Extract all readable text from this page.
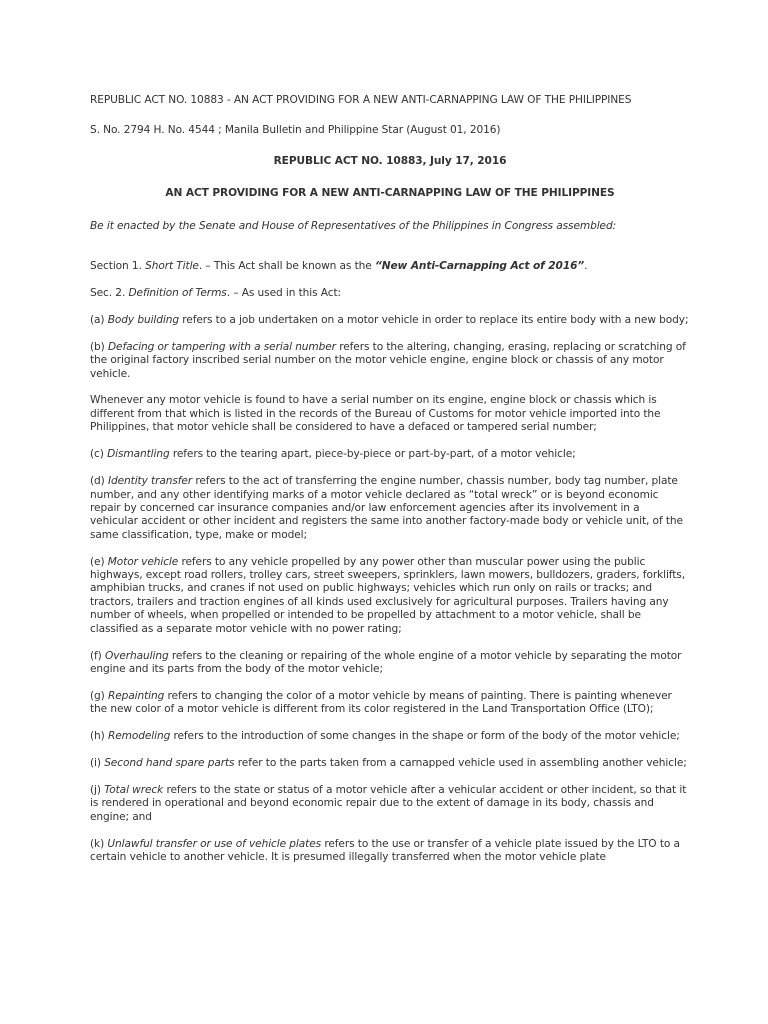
REPUBLIC ACT NO. 10883 - AN ACT PROVIDING FOR A NEW ANTI-CARNAPPING LAW OF THE PHILIPPINES

S. No. 2794 H. No. 4544 ; Manila Bulletin and Philippine Star (August 01, 2016)

REPUBLIC ACT NO. 10883, July 17, 2016

AN ACT PROVIDING FOR A NEW ANTI-CARNAPPING LAW OF THE PHILIPPINES

Be it enacted by the Senate and House of Representatives of the Philippines in Congress assembled:

Section 1. Short Title. – This Act shall be known as the “New Anti-Carnapping Act of 2016”.

Sec. 2. Definition of Terms. – As used in this Act:

(a) Body building refers to a job undertaken on a motor vehicle in order to replace its entire body with a new body;

(b) Defacing or tampering with a serial number refers to the altering, changing, erasing, replacing or scratching of the original factory inscribed serial number on the motor vehicle engine, engine block or chassis of any motor vehicle.

Whenever any motor vehicle is found to have a serial number on its engine, engine block or chassis which is different from that which is listed in the records of the Bureau of Customs for motor vehicle imported into the Philippines, that motor vehicle shall be considered to have a defaced or tampered serial number;

(c) Dismantling refers to the tearing apart, piece-by-piece or part-by-part, of a motor vehicle;

(d) Identity transfer refers to the act of transferring the engine number, chassis number, body tag number, plate number, and any other identifying marks of a motor vehicle declared as “total wreck” or is beyond economic repair by concerned car insurance companies and/or law enforcement agencies after its involvement in a vehicular accident or other incident and registers the same into another factory-made body or vehicle unit, of the same classification, type, make or model;

(e) Motor vehicle refers to any vehicle propelled by any power other than muscular power using the public highways, except road rollers, trolley cars, street sweepers, sprinklers, lawn mowers, bulldozers, graders, forklifts, amphibian trucks, and cranes if not used on public highways; vehicles which run only on rails or tracks; and tractors, trailers and traction engines of all kinds used exclusively for agricultural purposes. Trailers having any number of wheels, when propelled or intended to be propelled by attachment to a motor vehicle, shall be classified as a separate motor vehicle with no power rating;

(f) Overhauling refers to the cleaning or repairing of the whole engine of a motor vehicle by separating the motor engine and its parts from the body of the motor vehicle;

(g) Repainting refers to changing the color of a motor vehicle by means of painting. There is painting whenever the new color of a motor vehicle is different from its color registered in the Land Transportation Office (LTO);

(h) Remodeling refers to the introduction of some changes in the shape or form of the body of the motor vehicle;

(i) Second hand spare parts refer to the parts taken from a carnapped vehicle used in assembling another vehicle;

(j) Total wreck refers to the state or status of a motor vehicle after a vehicular accident or other incident, so that it is rendered in operational and beyond economic repair due to the extent of damage in its body, chassis and engine; and

(k) Unlawful transfer or use of vehicle plates refers to the use or transfer of a vehicle plate issued by the LTO to a certain vehicle to another vehicle. It is presumed illegally transferred when the motor vehicle plate
